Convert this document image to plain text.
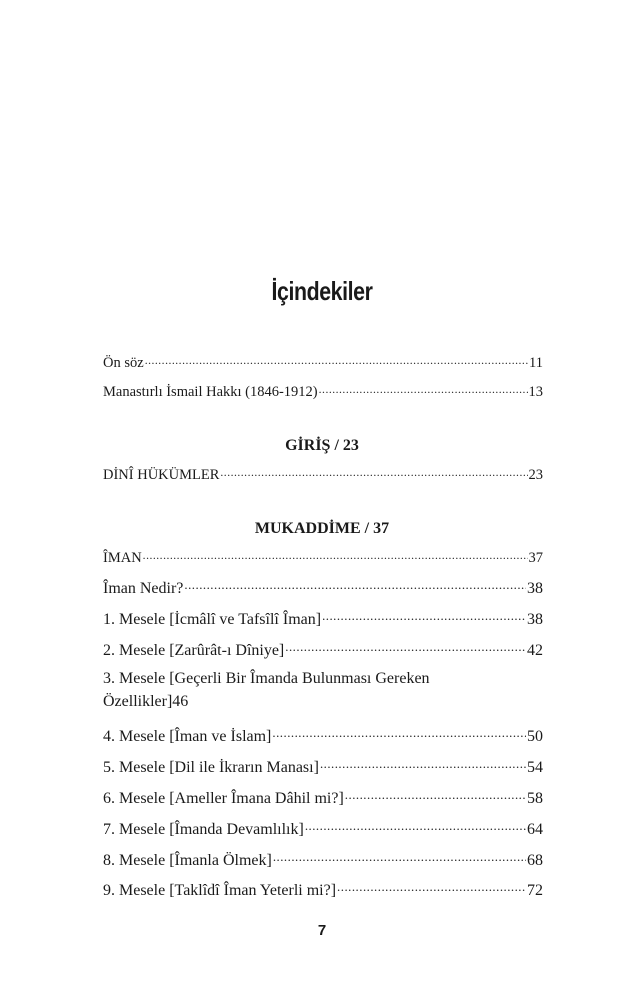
İçindekiler
Ön söz .....	11
Manastırlı İsmail Hakkı (1846-1912) .....	13
DİNÎ HÜKÜMLER .....	23
ÎMAN .....	37
Îman Nedir? .....	38
1. Mesele [İcmâlî ve Tafsîlî Îman] .....	38
2. Mesele [Zarûrât-ı Dîniye] .....	42
3. Mesele [Geçerli Bir Îmanda Bulunması Gereken
Özellikler] 46
4. Mesele [Îman ve İslam] .....	50
5. Mesele [Dil ile İkrarın Manası] .....	54
6. Mesele [Ameller Îmana Dâhil mi?] .....	58
7. Mesele [Îmanda Devamlılık] .....	64
8. Mesele [Îmanla Ölmek] .....	68
9. Mesele [Taklîdî Îman Yeterli mi?] .....	72
GİRİŞ / 23
MUKADDİME / 37
7
